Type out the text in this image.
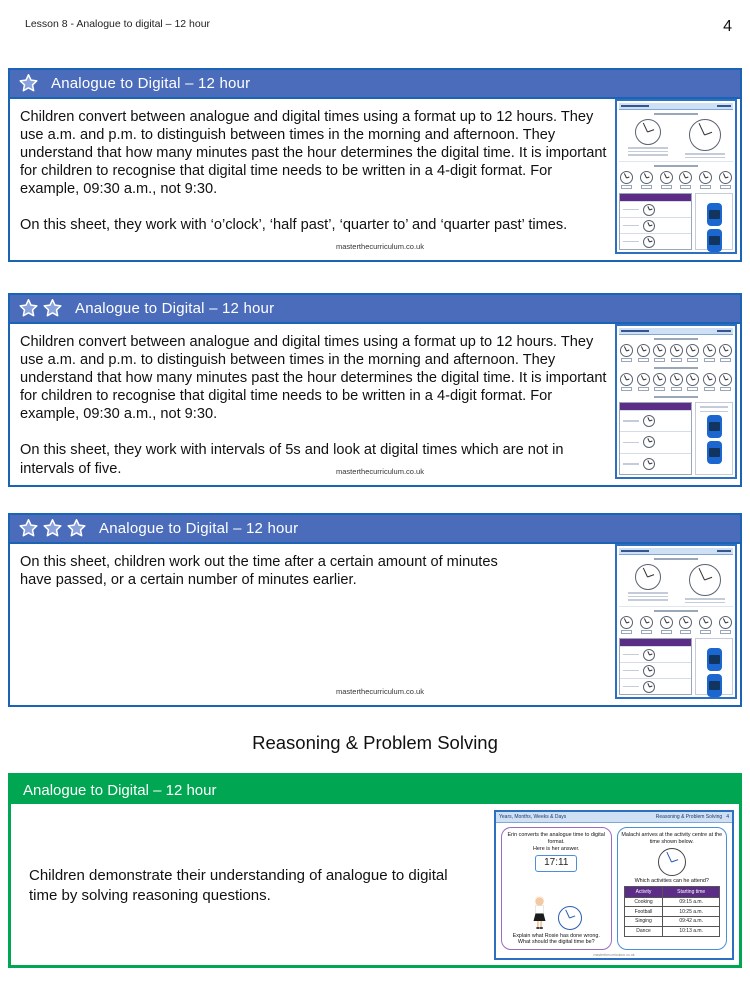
Lesson 8 - Analogue to digital – 12 hour	4
Analogue to Digital – 12 hour

Children convert between analogue and digital times using a format up to 12 hours. They use a.m. and p.m. to distinguish between times in the morning and afternoon. They understand that how many minutes past the hour determines the digital time. It is important for children to recognise that digital time needs to be written in a 4-digit format. For example, 09:30 a.m., not 9:30.

On this sheet, they work with ‘o’clock’, ‘half past’, ‘quarter to’ and ‘quarter past’ times.

masterthecurriculum.co.uk
Analogue to Digital – 12 hour

Children convert between analogue and digital times using a format up to 12 hours. They use a.m. and p.m. to distinguish between times in the morning and afternoon. They understand that how many minutes past the hour determines the digital time. It is important for children to recognise that digital time needs to be written in a 4-digit format. For example, 09:30 a.m., not 9:30.

On this sheet, they work with intervals of 5s and look at digital times which are not in intervals of five.	masterthecurriculum.co.uk
Analogue to Digital – 12 hour

On this sheet, children work out the time after a certain amount of minutes have passed, or a certain number of minutes earlier.

masterthecurriculum.co.uk
Reasoning & Problem Solving
Analogue to Digital – 12 hour
Children demonstrate their understanding of analogue to digital time by solving reasoning questions.
Years, Months, Weeks & Days	Reasoning & Problem Solving 4
Erin converts the analogue time to digital format.
Here is her answer.
17:11
Explain what Rosie has done wrong.
What should the digital time be?
Malachi arrives at the activity centre at the time shown below.
Which activities can he attend?
Activity	Starting time
Cooking	09:15 a.m.
Football	10:25 a.m.
Singing	09:42 a.m.
Dance	10:13 a.m.
masterthecurriculum.co.uk
